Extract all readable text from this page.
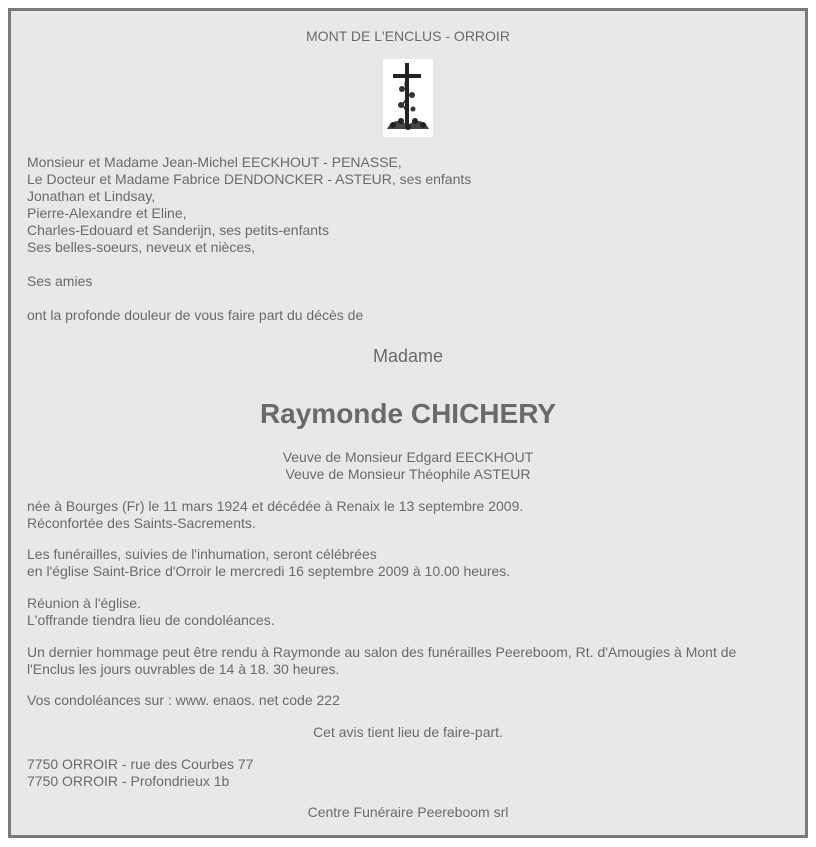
MONT DE L'ENCLUS - ORROIR
Monsieur et Madame Jean-Michel EECKHOUT - PENASSE,
Le Docteur et Madame Fabrice DENDONCKER - ASTEUR, ses enfants
Jonathan et Lindsay,
Pierre-Alexandre et Eline,
Charles-Edouard et Sanderijn, ses petits-enfants
Ses belles-soeurs, neveux et nièces,
Ses amies
ont la profonde douleur de vous faire part du décès de
Madame
Raymonde CHICHERY
Veuve de Monsieur Edgard EECKHOUT
Veuve de Monsieur Théophile ASTEUR
née à Bourges (Fr) le 11 mars 1924 et décédée à Renaix le 13 septembre 2009.
Réconfortée des Saints-Sacrements.
Les funérailles, suivies de l'inhumation, seront célébrées
en l'église Saint-Brice d'Orroir le mercredi 16 septembre 2009 à 10.00 heures.
Réunion à l'église.
L'offrande tiendra lieu de condoléances.
Un dernier hommage peut être rendu à Raymonde au salon des funérailles Peereboom, Rt. d'Amougies à Mont de l'Enclus les jours ouvrables de 14 à 18. 30 heures.
Vos condoléances sur : www. enaos. net code 222
Cet avis tient lieu de faire-part.
7750 ORROIR - rue des Courbes 77
7750 ORROIR - Profondrieux 1b
Centre Funéraire Peereboom srl
